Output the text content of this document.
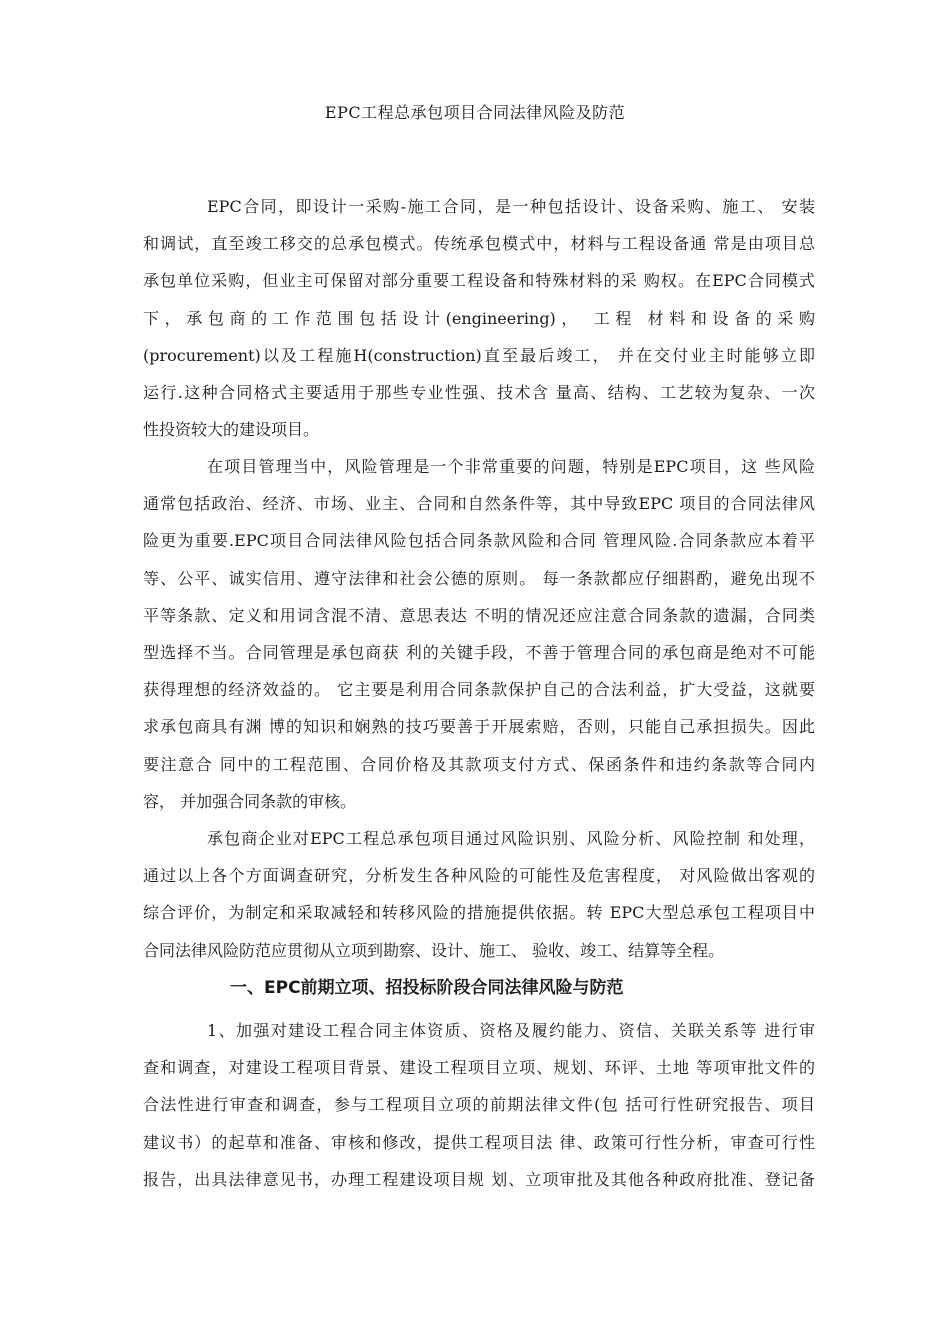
EPC工程总承包项目合同法律风险及防范
EPC合同，即设计一采购-施工合同，是一种包括设计、设备采购、施工、 安装
和调试，直至竣工移交的总承包模式。传统承包模式中，材料与工程设备通 常是由项目总
承包单位采购，但业主可保留对部分重要工程设备和特殊材料的采 购权。在EPC合同模式
下，承包商的工作范围包括设计(engineering)， 工程 材料和设备的采购
(procurement)以及工程施H(construction)直至最后竣工， 并在交付业主时能够立即
运行.这种合同格式主要适用于那些专业性强、技术含 量高、结构、工艺较为复杂、一次
性投资较大的建设项目。
在项目管理当中，风险管理是一个非常重要的问题，特别是EPC项目，这 些风险
通常包括政治、经济、市场、业主、合同和自然条件等，其中导致EPC 项目的合同法律风
险更为重要.EPC项目合同法律风险包括合同条款风险和合同 管理风险.合同条款应本着平
等、公平、诚实信用、遵守法律和社会公德的原则。 每一条款都应仔细斟酌，避免出现不
平等条款、定义和用词含混不清、意思表达 不明的情况还应注意合同条款的遗漏，合同类
型选择不当。合同管理是承包商获 利的关键手段，不善于管理合同的承包商是绝对不可能
获得理想的经济效益的。 它主要是利用合同条款保护自己的合法利益，扩大受益，这就要
求承包商具有渊 博的知识和娴熟的技巧要善于开展索赔，否则，只能自己承担损失。因此
要注意合 同中的工程范围、合同价格及其款项支付方式、保函条件和违约条款等合同内
容， 并加强合同条款的审核。
承包商企业对EPC工程总承包项目通过风险识别、风险分析、风险控制 和处理，
通过以上各个方面调查研究，分析发生各种风险的可能性及危害程度， 对风险做出客观的
综合评价，为制定和采取减轻和转移风险的措施提供依据。转 EPC大型总承包工程项目中
合同法律风险防范应贯彻从立项到勘察、设计、施工、 验收、竣工、结算等全程。
一、EPC前期立项、招投标阶段合同法律风险与防范
1、加强对建设工程合同主体资质、资格及履约能力、资信、关联关系等 进行审
查和调查，对建设工程项目背景、建设工程项目立项、规划、环评、土地 等项审批文件的
合法性进行审查和调查，参与工程项目立项的前期法律文件(包 括可行性研究报告、项目
建议书）的起草和准备、审核和修改，提供工程项目法 律、政策可行性分析，审查可行性
报告，出具法律意见书，办理工程建设项目规 划、立项审批及其他各种政府批准、登记备
